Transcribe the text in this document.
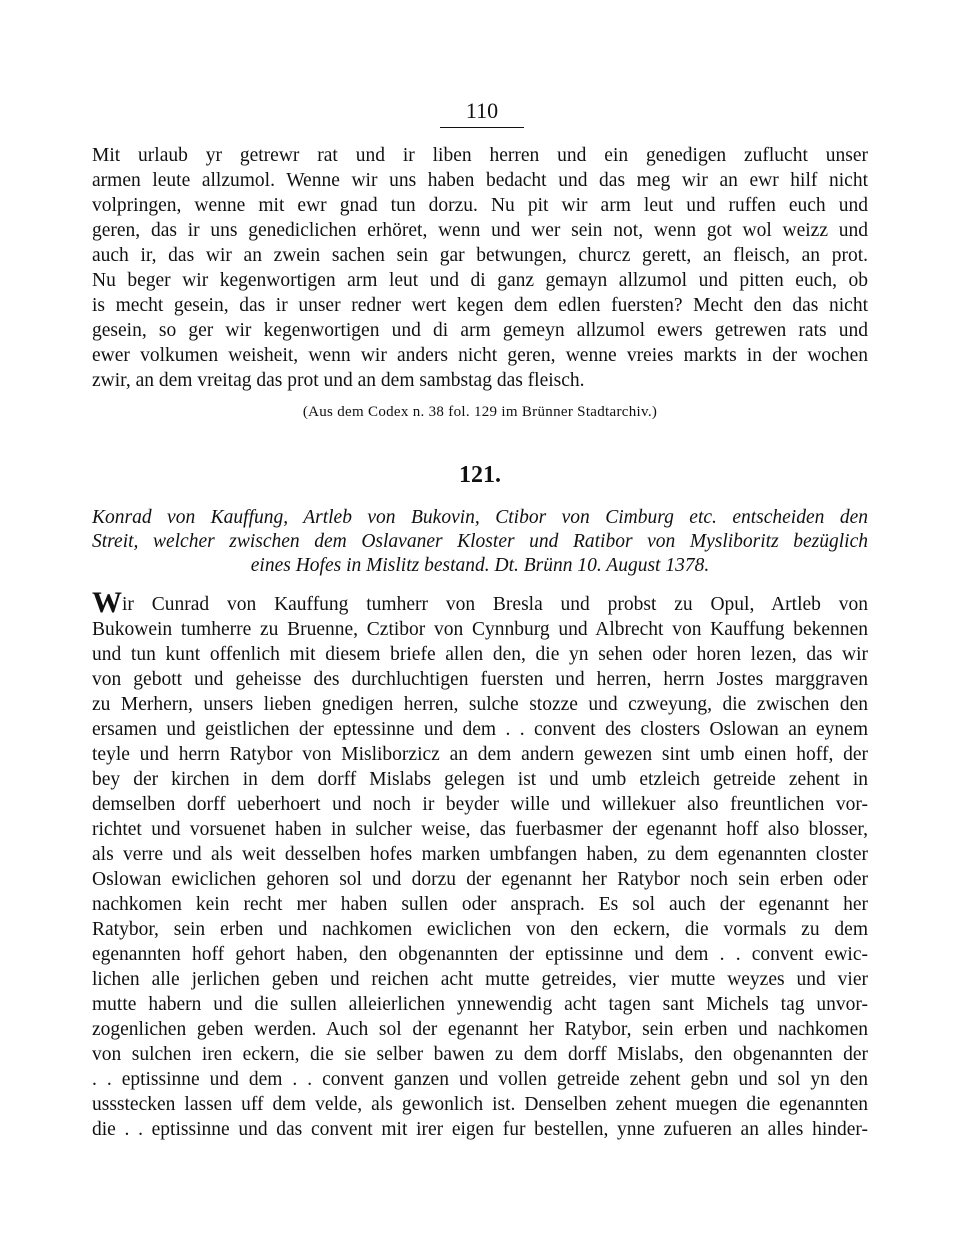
110
Mit urlaub yr getrewr rat und ir liben herren und ein genedigen zuflucht unser
armen leute allzumol. Wenne wir uns haben bedacht und das meg wir an ewr hilf nicht
volpringen, wenne mit ewr gnad tun dorzu. Nu pit wir arm leut und ruffen euch und
geren, das ir uns genediclichen erhöret, wenn und wer sein not, wenn got wol weizz und
auch ir, das wir an zwein sachen sein gar betwungen, churcz gerett, an fleisch, an prot.
Nu beger wir kegenwortigen arm leut und di ganz gemayn allzumol und pitten euch, ob
is mecht gesein, das ir unser redner wert kegen dem edlen fuersten? Mecht den das nicht
gesein, so ger wir kegenwortigen und di arm gemeyn allzumol ewers getrewen rats und
ewer volkumen weisheit, wenn wir anders nicht geren, wenne vreies markts in der wochen
zwir, an dem vreitag das prot und an dem sambstag das fleisch.
(Aus dem Codex n. 38 fol. 129 im Brünner Stadtarchiv.)
121.
Konrad von Kauffung, Artleb von Bukovin, Ctibor von Cimburg etc. entscheiden den
Streit, welcher zwischen dem Oslavaner Kloster und Ratibor von Mysliboritz bezüglich
eines Hofes in Mislitz bestand. Dt. Brünn 10. August 1378.
Wir Cunrad von Kauffung tumherr von Bresla und probst zu Opul, Artleb von
Bukowein tumherre zu Bruenne, Cztibor von Cynnburg und Albrecht von Kauffung bekennen
und tun kunt offenlich mit diesem briefe allen den, die yn sehen oder horen lezen, das wir
von gebott und geheisse des durchluchtigen fuersten und herren, herrn Jostes marggraven
zu Merhern, unsers lieben gnedigen herren, sulche stozze und czweyung, die zwischen den
ersamen und geistlichen der eptessinne und dem . . convent des closters Oslowan an eynem
teyle und herrn Ratybor von Misliborzicz an dem andern gewezen sint umb einen hoff, der
bey der kirchen in dem dorff Mislabs gelegen ist und umb etzleich getreide zehent in
demselben dorff ueberhoert und noch ir beyder wille und willekuer also freuntlichen vor-
richtet und vorsuenet haben in sulcher weise, das fuerbasmer der egenannt hoff also blosser,
als verre und als weit desselben hofes marken umbfangen haben, zu dem egenannten closter
Oslowan ewiclichen gehoren sol und dorzu der egenannt her Ratybor noch sein erben oder
nachkomen kein recht mer haben sullen oder ansprach. Es sol auch der egenannt her
Ratybor, sein erben und nachkomen ewiclichen von den eckern, die vormals zu dem
egenannten hoff gehort haben, den obgenannten der eptissinne und dem . . convent ewic-
lichen alle jerlichen geben und reichen acht mutte getreides, vier mutte weyzes und vier
mutte habern und die sullen alleierlichen ynnewendig acht tagen sant Michels tag unvor-
zogenlichen geben werden. Auch sol der egenannt her Ratybor, sein erben und nachkomen
von sulchen iren eckern, die sie selber bawen zu dem dorff Mislabs, den obgenannten der
. . eptissinne und dem . . convent ganzen und vollen getreide zehent gebn und sol yn den
ussstecken lassen uff dem velde, als gewonlich ist. Denselben zehent muegen die egenannten
die . . eptissinne und das convent mit irer eigen fur bestellen, ynne zufueren an alles hinder-
